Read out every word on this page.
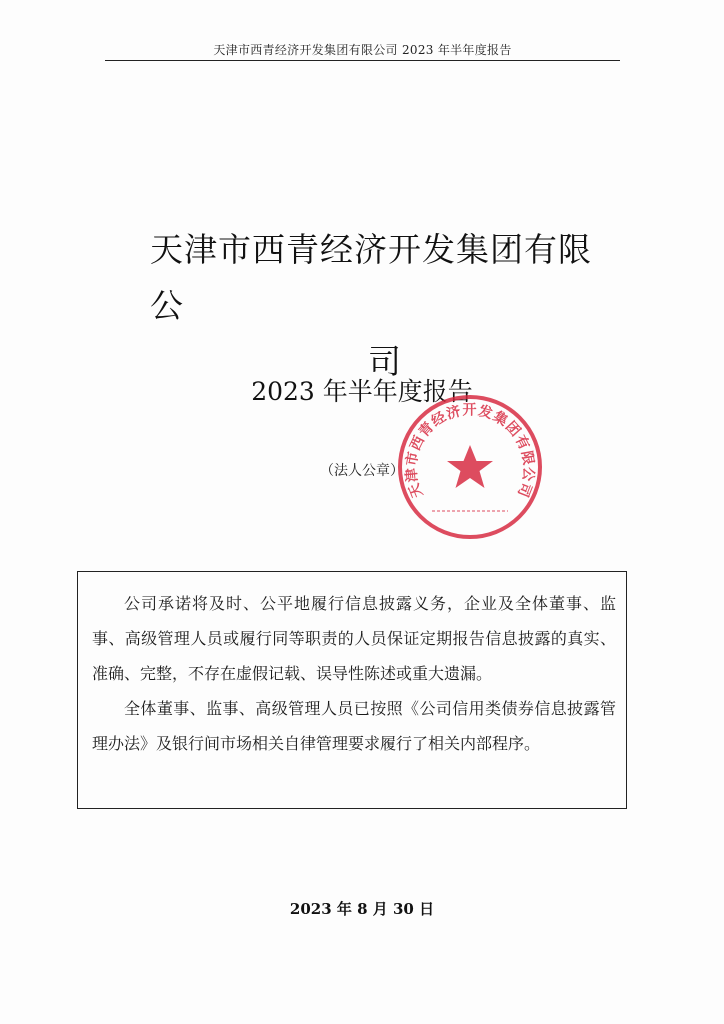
天津市西青经济开发集团有限公司 2023 年半年度报告
天津市西青经济开发集团有限公
司
2023 年半年度报告
（法人公章）
天津市西青经济开发集团有限公司

公司承诺将及时、公平地履行信息披露义务，企业及全体董事、监事、高级管理人员或履行同等职责的人员保证定期报告信息披露的真实、准确、完整，不存在虚假记载、误导性陈述或重大遗漏。

全体董事、监事、高级管理人员已按照《公司信用类债券信息披露管理办法》及银行间市场相关自律管理要求履行了相关内部程序。

2023 年 8 月 30 日
